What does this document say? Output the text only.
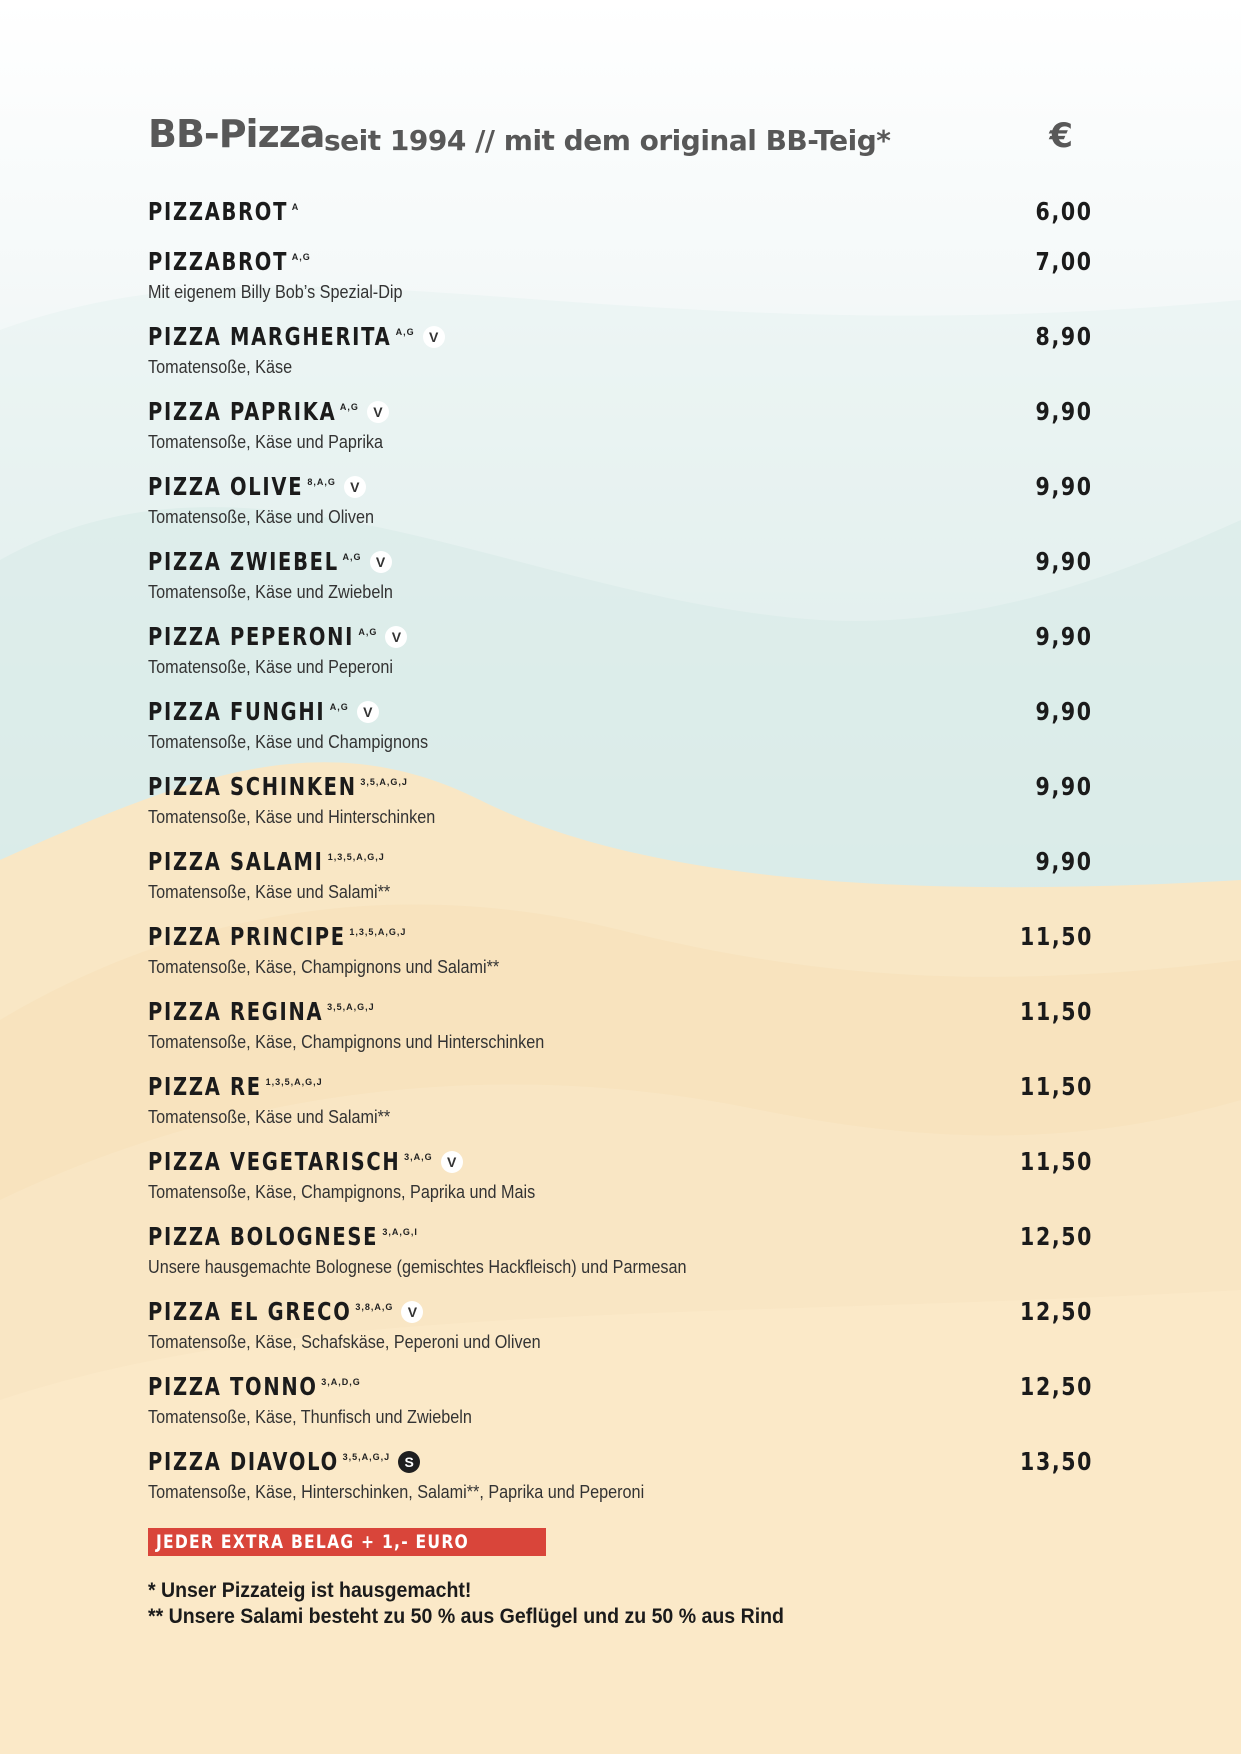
BB-Pizza seit 1994 // mit dem original BB-Teig*	€
PIZZABROT A	6,00
PIZZABROT A,G	7,00
Mit eigenem Billy Bob’s Spezial-Dip
PIZZA MARGHERITA A,G	V	8,90
Tomatensoße, Käse
PIZZA PAPRIKA A,G	V	9,90
Tomatensoße, Käse und Paprika
PIZZA OLIVE 8,A,G	V	9,90
Tomatensoße, Käse und Oliven
PIZZA ZWIEBEL A,G	V	9,90
Tomatensoße, Käse und Zwiebeln
PIZZA PEPERONI A,G	V	9,90
Tomatensoße, Käse und Peperoni
PIZZA FUNGHI A,G	V	9,90
Tomatensoße, Käse und Champignons
PIZZA SCHINKEN 3,5,A,G,J	9,90
Tomatensoße, Käse und Hinterschinken
PIZZA SALAMI 1,3,5,A,G,J	9,90
Tomatensoße, Käse und Salami**
PIZZA PRINCIPE 1,3,5,A,G,J	11,50
Tomatensoße, Käse, Champignons und Salami**
PIZZA REGINA 3,5,A,G,J	11,50
Tomatensoße, Käse, Champignons und Hinterschinken
PIZZA RE 1,3,5,A,G,J	11,50
Tomatensoße, Käse und Salami**
PIZZA VEGETARISCH 3,A,G	V	11,50
Tomatensoße, Käse, Champignons, Paprika und Mais
PIZZA BOLOGNESE 3,A,G,I	12,50
Unsere hausgemachte Bolognese (gemischtes Hackfleisch) und Parmesan
PIZZA EL GRECO 3,8,A,G	V	12,50
Tomatensoße, Käse, Schafskäse, Peperoni und Oliven
PIZZA TONNO 3,A,D,G	12,50
Tomatensoße, Käse, Thunfisch und Zwiebeln
PIZZA DIAVOLO 3,5,A,G,J	S	13,50
Tomatensoße, Käse, Hinterschinken, Salami**, Paprika und Peperoni
JEDER EXTRA BELAG + 1,- EURO
* Unser Pizzateig ist hausgemacht!
** Unsere Salami besteht zu 50 % aus Geflügel und zu 50 % aus Rind
